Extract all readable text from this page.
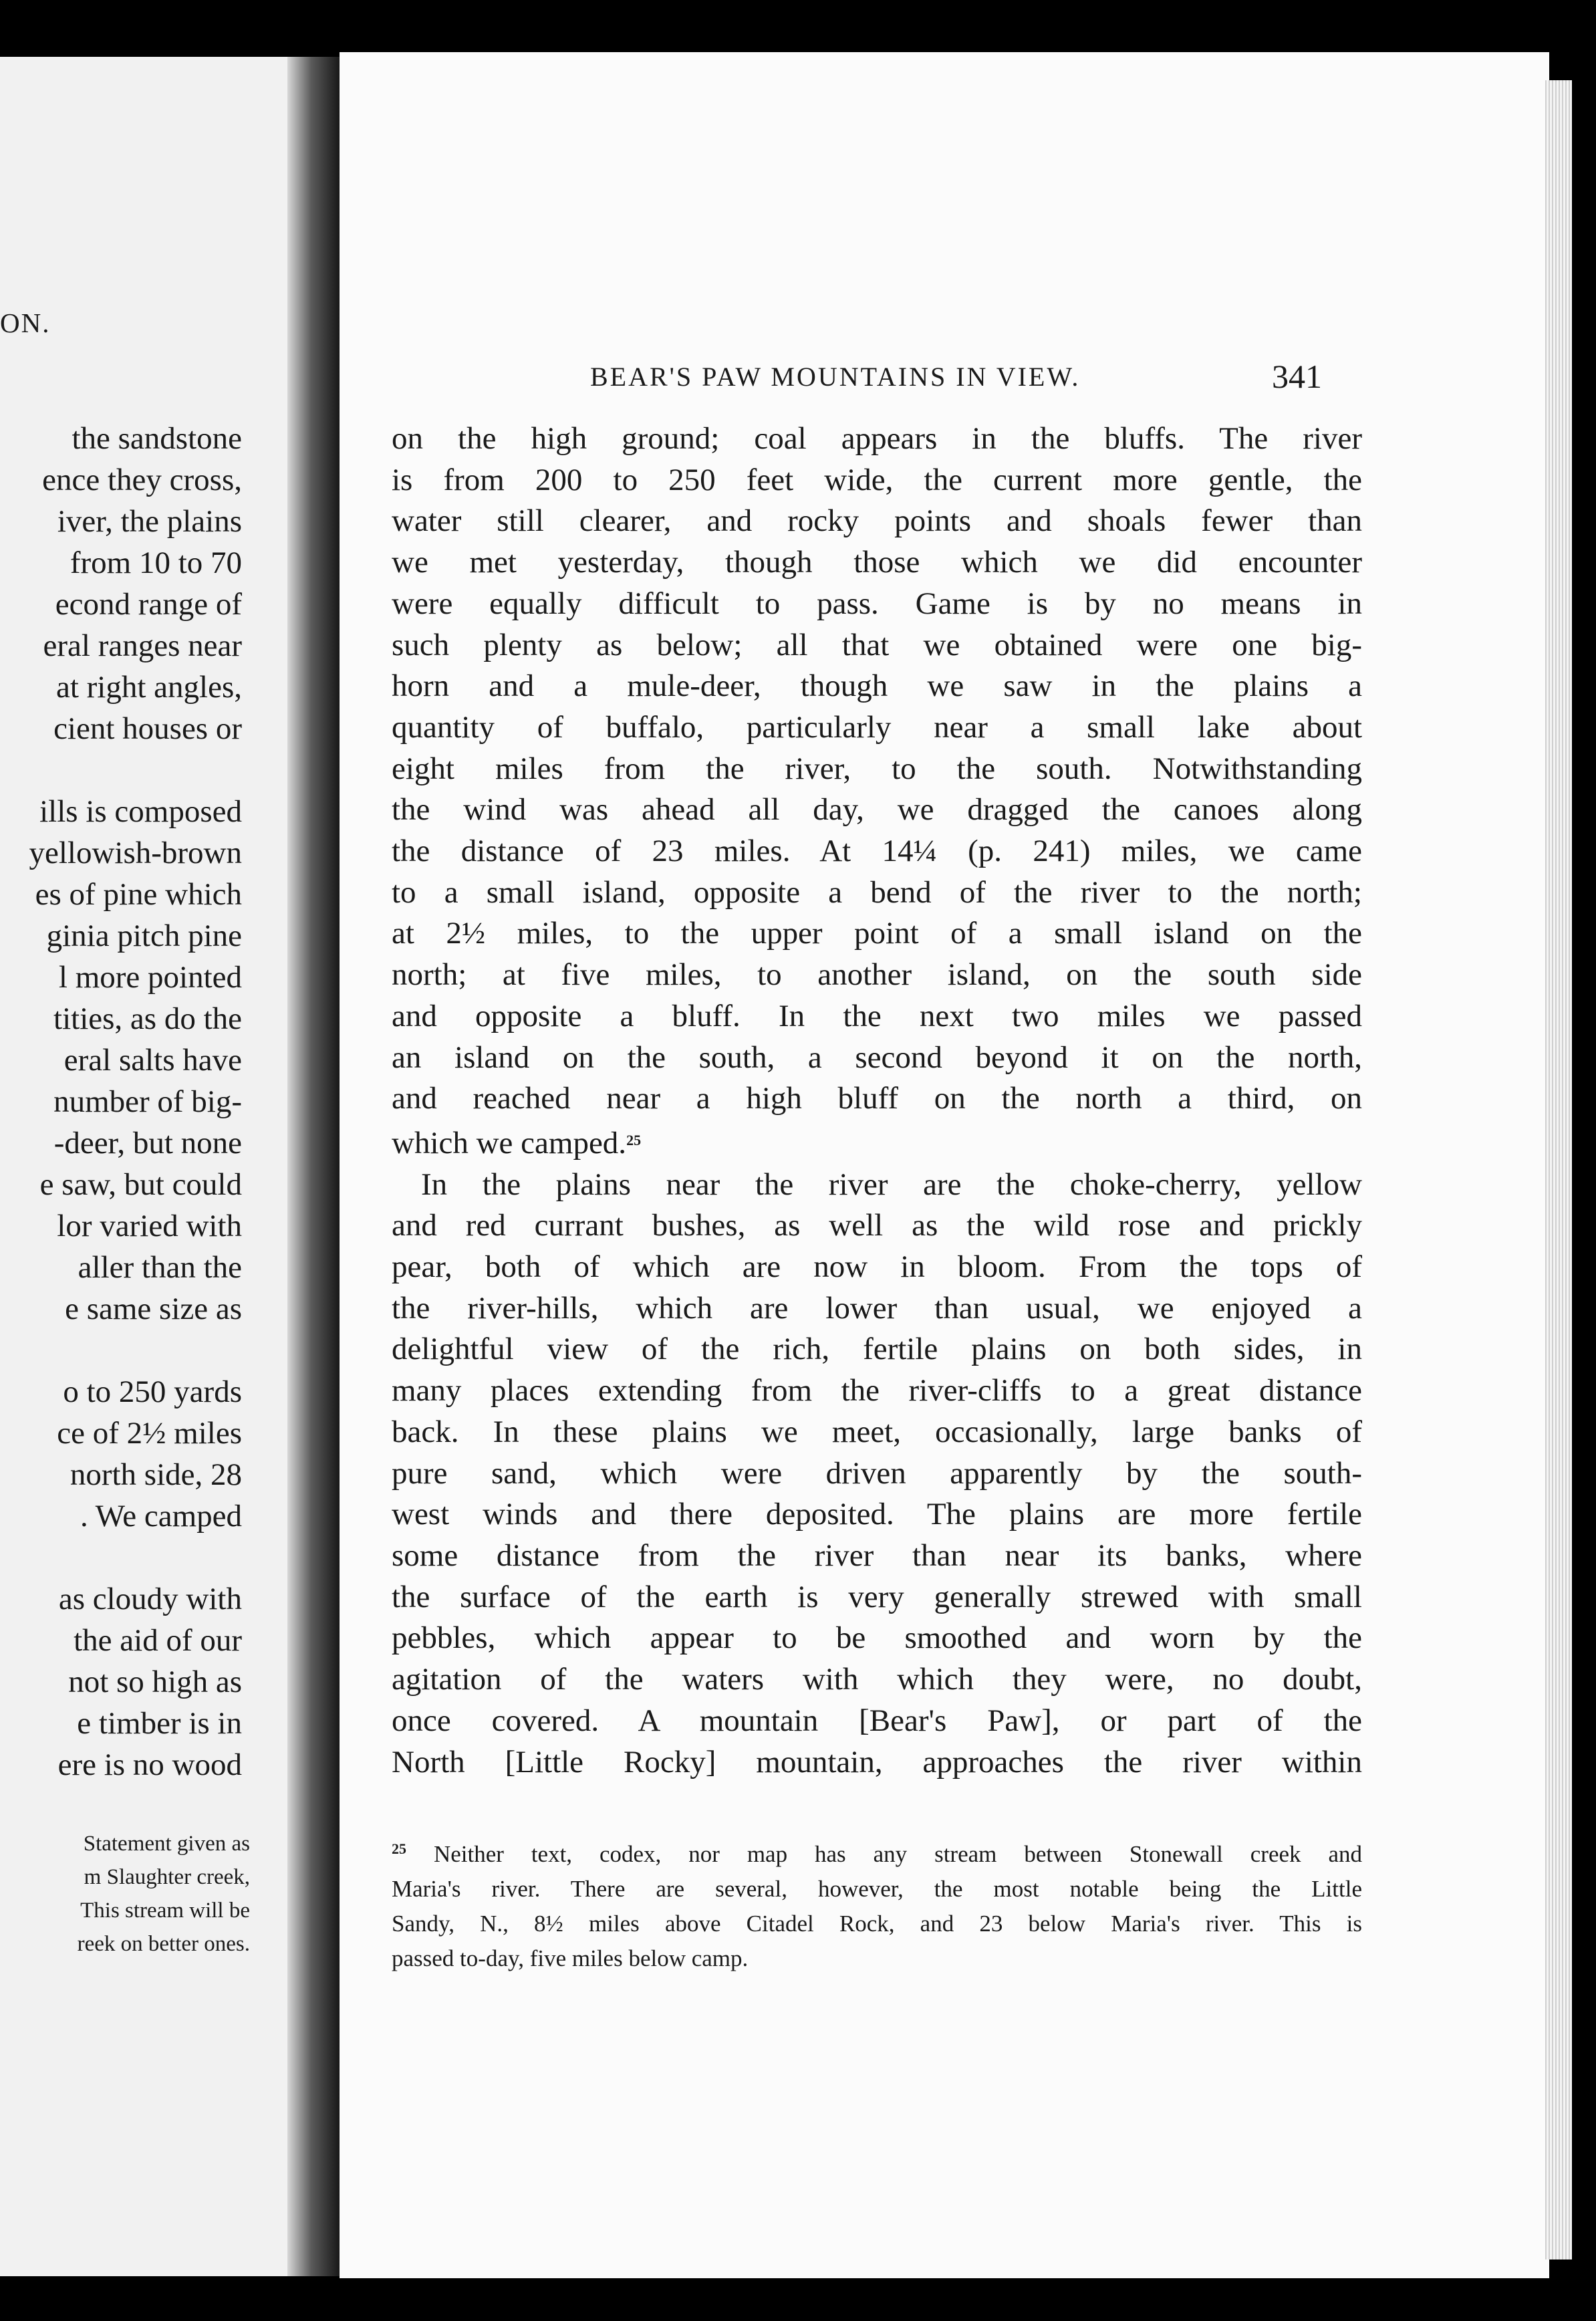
ON.
the sandstone
ence they cross,
iver, the plains
from 10 to 70
econd range of
eral ranges near
at right angles,
cient houses or
ills is composed
yellowish-brown
es of pine which
ginia pitch pine
l more pointed
tities, as do the
eral salts have
number of big-
-deer, but none
e saw, but could
lor varied with
aller than the
e same size as
o to 250 yards
ce of 2½ miles
north side, 28
. We camped
as cloudy with
the aid of our
not so high as
e timber is in
ere is no wood
Statement given as
m Slaughter creek,
This stream will be
reek on better ones.
BEAR'S PAW MOUNTAINS IN VIEW.	341
on the high ground; coal appears in the bluffs. The river
is from 200 to 250 feet wide, the current more gentle, the
water still clearer, and rocky points and shoals fewer than
we met yesterday, though those which we did encounter
were equally difficult to pass. Game is by no means in
such plenty as below; all that we obtained were one big-
horn and a mule-deer, though we saw in the plains a
quantity of buffalo, particularly near a small lake about
eight miles from the river, to the south. Notwithstanding
the wind was ahead all day, we dragged the canoes along
the distance of 23 miles. At 14¼ (p. 241) miles, we came
to a small island, opposite a bend of the river to the north;
at 2½ miles, to the upper point of a small island on the
north; at five miles, to another island, on the south side
and opposite a bluff. In the next two miles we passed
an island on the south, a second beyond it on the north,
and reached near a high bluff on the north a third, on
which we camped.$^{25}$
In the plains near the river are the choke-cherry, yellow
and red currant bushes, as well as the wild rose and prickly
pear, both of which are now in bloom. From the tops of
the river-hills, which are lower than usual, we enjoyed a
delightful view of the rich, fertile plains on both sides, in
many places extending from the river-cliffs to a great distance
back. In these plains we meet, occasionally, large banks of
pure sand, which were driven apparently by the south-
west winds and there deposited. The plains are more fertile
some distance from the river than near its banks, where
the surface of the earth is very generally strewed with small
pebbles, which appear to be smoothed and worn by the
agitation of the waters with which they were, no doubt,
once covered. A mountain [Bear's Paw], or part of the
North [Little Rocky] mountain, approaches the river within
$^{25}$ Neither text, codex, nor map has any stream between Stonewall creek and
Maria's river. There are several, however, the most notable being the Little
Sandy, N., 8½ miles above Citadel Rock, and 23 below Maria's river. This is
passed to-day, five miles below camp.
